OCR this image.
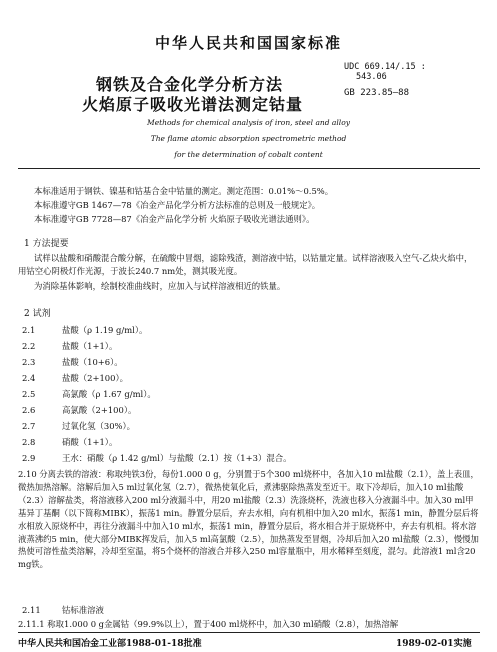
中华人民共和国国家标准
UDC 669.14/.15 :
543.06
GB 223.85—88
钢铁及合金化学分析方法
火焰原子吸收光谱法测定钴量
Methods for chemical analysis of iron, steel and alloy
The flame atomic absorption spectrometric method
for the determination of cobalt content
本标准适用于钢铁、镍基和钴基合金中钴量的测定。测定范围：0.01%～0.5%。
本标准遵守GB 1467—78《冶金产品化学分析方法标准的总则及一般规定》。
本标准遵守GB 7728—87《冶金产品化学分析 火焰原子吸收光谱法通则》。
1 方法提要
试样以盐酸和硝酸混合酸分解，在硫酸中冒烟，滤除残渣，测溶液中钴，以钴量定量。试样溶液吸入空气-乙炔火焰中，用钴空心阴极灯作光源，于波长240.7 nm处，测其吸光度。
为消除基体影响，绘制校准曲线时，应加入与试样溶液相近的铁量。
2 试剂
2.1	盐酸（ρ 1.19 g/ml）。
2.2	盐酸（1+1）。
2.3	盐酸（10+6）。
2.4	盐酸（2+100）。
2.5	高氯酸（ρ 1.67 g/ml）。
2.6	高氯酸（2+100）。
2.7	过氧化氢（30%）。
2.8	硝酸（1+1）。
2.9	王水：硝酸（ρ 1.42 g/ml）与盐酸（2.1）按（1+3）混合。
2.10 分离去铁的溶液：称取纯铁3份，每份1.000 0 g，分别置于5个300 ml烧杯中，各加入10 ml盐酸（2.1），盖上表皿，微热加热溶解。溶解后加入5 ml过氧化氢（2.7），微热使氧化后，煮沸驱除热蒸发至近干。取下冷却后，加入10 ml盐酸（2.3）溶解盐类，将溶液移入200 ml分液漏斗中，用20 ml盐酸（2.3）洗涤烧杯，洗液也移入分液漏斗中。加入30 ml甲基异丁基酮（以下简称MIBK），振荡1 min。静置分层后，弃去水相，向有机相中加入20 ml水，振荡1 min，静置分层后将水相放入原烧杯中，再往分液漏斗中加入10 ml水，振荡1 min，静置分层后，将水相合并于原烧杯中，弃去有机相。将水溶液蒸沸约5 min，使大部分MIBK挥发后，加入5 ml高氯酸（2.5），加热蒸发至冒烟，冷却后加入20 ml盐酸（2.3），慢慢加热使可溶性盐类溶解，冷却至室温，将5个烧杯的溶液合并移入250 ml容量瓶中，用水稀释至刻度，混匀。此溶液1 ml含20 mg铁。
2.11	钴标准溶液
2.11.1 称取1.000 0 g金属钴（99.9%以上），置于400 ml烧杯中，加入30 ml硝酸（2.8），加热溶解
中华人民共和国冶金工业部1988-01-18批准	1989-02-01实施
